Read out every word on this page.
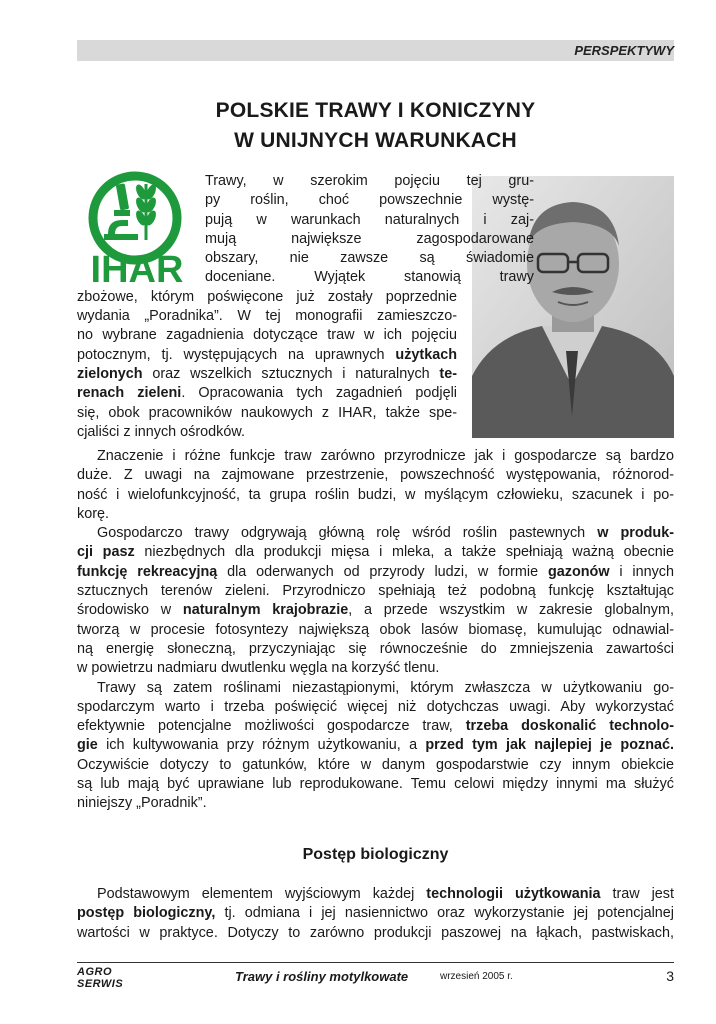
PERSPEKTYWY
POLSKIE TRAWY I KONICZYNY
W UNIJNYCH WARUNKACH
IHAR
Trawy, w szerokim pojęciu tej gru-
py roślin, choć powszechnie wystę-
pują w warunkach naturalnych i zaj-
mują największe zagospodarowane
obszary, nie zawsze są świadomie
doceniane. Wyjątek stanowią trawy
zbożowe, którym poświęcone już zostały poprzednie
wydania „Poradnika”. W tej monografii zamieszczo-
no wybrane zagadnienia dotyczące traw w ich pojęciu
potocznym, tj. występujących na uprawnych użytkach
zielonych oraz wszelkich sztucznych i naturalnych te-
renach zieleni. Opracowania tych zagadnień podjęli
się, obok pracowników naukowych z IHAR, także spe-
cjaliści z innych ośrodków.
Znaczenie i różne funkcje traw zarówno przyrodnicze jak i gospodarcze są bardzo
duże. Z uwagi na zajmowane przestrzenie, powszechność występowania, różnorod-
ność i wielofunkcyjność, ta grupa roślin budzi, w myślącym człowieku, szacunek i po-
korę.
Gospodarczo trawy odgrywają główną rolę wśród roślin pastewnych w produk-
cji pasz niezbędnych dla produkcji mięsa i mleka, a także spełniają ważną obecnie
funkcję rekreacyjną dla oderwanych od przyrody ludzi, w formie gazonów i innych
sztucznych terenów zieleni. Przyrodniczo spełniają też podobną funkcję kształtując
środowisko w naturalnym krajobrazie, a przede wszystkim w zakresie globalnym,
tworzą w procesie fotosyntezy największą obok lasów biomasę, kumulując odnawial-
ną energię słoneczną, przyczyniając się równocześnie do zmniejszenia zawartości
w powietrzu nadmiaru dwutlenku węgla na korzyść tlenu.
Trawy są zatem roślinami niezastąpionymi, którym zwłaszcza w użytkowaniu go-
spodarczym warto i trzeba poświęcić więcej niż dotychczas uwagi. Aby wykorzystać
efektywnie potencjalne możliwości gospodarcze traw, trzeba doskonalić technolo-
gie ich kultywowania przy różnym użytkowaniu, a przed tym jak najlepiej je poznać.
Oczywiście dotyczy to gatunków, które w danym gospodarstwie czy innym obiekcie
są lub mają być uprawiane lub reprodukowane. Temu celowi między innymi ma służyć
niniejszy „Poradnik”.
Postęp biologiczny
Podstawowym elementem wyjściowym każdej technologii użytkowania traw jest
postęp biologiczny, tj. odmiana i jej nasiennictwo oraz wykorzystanie jej potencjalnej
wartości w praktyce. Dotyczy to zarówno produkcji paszowej na łąkach, pastwiskach,
AGRO
SERWIS	Trawy i rośliny motylkowate	wrzesień 2005 r.	3
